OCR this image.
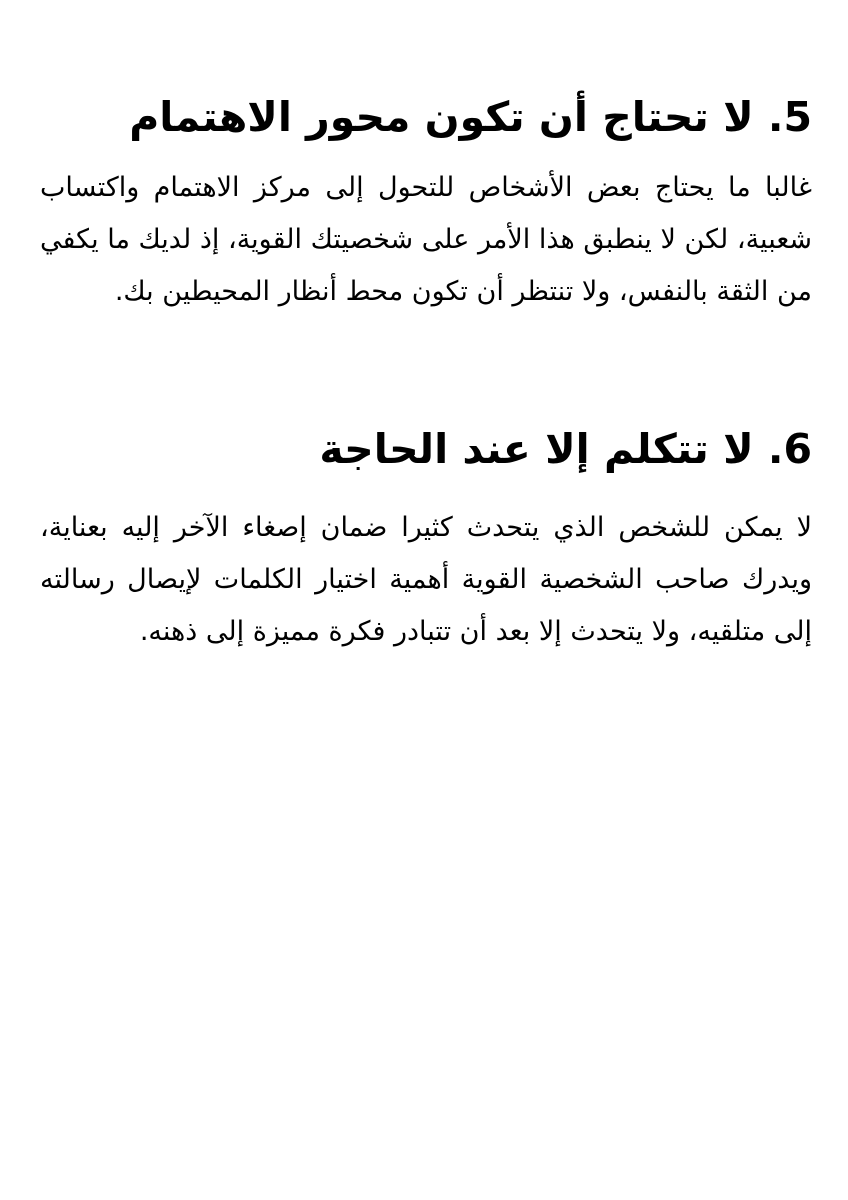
5. لا تحتاج أن تكون محور الاهتمام

غالبا ما يحتاج بعض الأشخاص للتحول إلى مركز الاهتمام واكتساب شعبية، لكن لا ينطبق هذا الأمر على شخصيتك القوية، إذ لديك ما يكفي من الثقة بالنفس، ولا تنتظر أن تكون محط أنظار المحيطين بك.

6. لا تتكلم إلا عند الحاجة

لا يمكن للشخص الذي يتحدث كثيرا ضمان إصغاء الآخر إليه بعناية، ويدرك صاحب الشخصية القوية أهمية اختيار الكلمات لإيصال رسالته إلى متلقيه، ولا يتحدث إلا بعد أن تتبادر فكرة مميزة إلى ذهنه.
